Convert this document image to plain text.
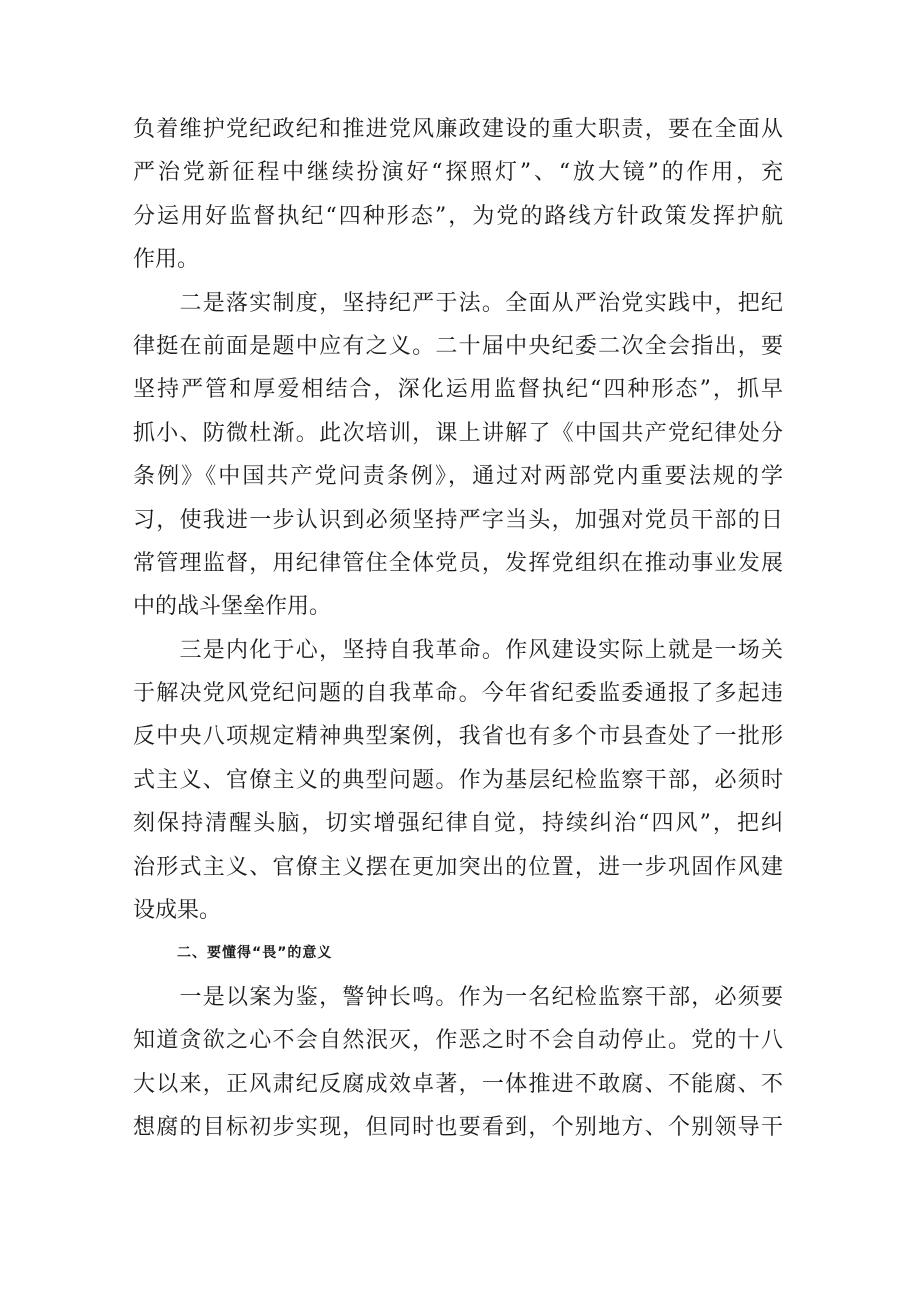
负着维护党纪政纪和推进党风廉政建设的重大职责，要在全面从
严治党新征程中继续扮演好“探照灯”、“放大镜”的作用，充
分运用好监督执纪“四种形态”，为党的路线方针政策发挥护航
作用。
　　二是落实制度，坚持纪严于法。全面从严治党实践中，把纪
律挺在前面是题中应有之义。二十届中央纪委二次全会指出，要
坚持严管和厚爱相结合，深化运用监督执纪“四种形态”，抓早
抓小、防微杜渐。此次培训，课上讲解了《中国共产党纪律处分
条例》《中国共产党问责条例》，通过对两部党内重要法规的学
习，使我进一步认识到必须坚持严字当头，加强对党员干部的日
常管理监督，用纪律管住全体党员，发挥党组织在推动事业发展
中的战斗堡垒作用。
　　三是内化于心，坚持自我革命。作风建设实际上就是一场关
于解决党风党纪问题的自我革命。今年省纪委监委通报了多起违
反中央八项规定精神典型案例，我省也有多个市县查处了一批形
式主义、官僚主义的典型问题。作为基层纪检监察干部，必须时
刻保持清醒头脑，切实增强纪律自觉，持续纠治“四风”，把纠
治形式主义、官僚主义摆在更加突出的位置，进一步巩固作风建
设成果。
二、要懂得“畏”的意义
　　一是以案为鉴，警钟长鸣。作为一名纪检监察干部，必须要
知道贪欲之心不会自然泯灭，作恶之时不会自动停止。党的十八
大以来，正风肃纪反腐成效卓著，一体推进不敢腐、不能腐、不
想腐的目标初步实现，但同时也要看到，个别地方、个别领导干
